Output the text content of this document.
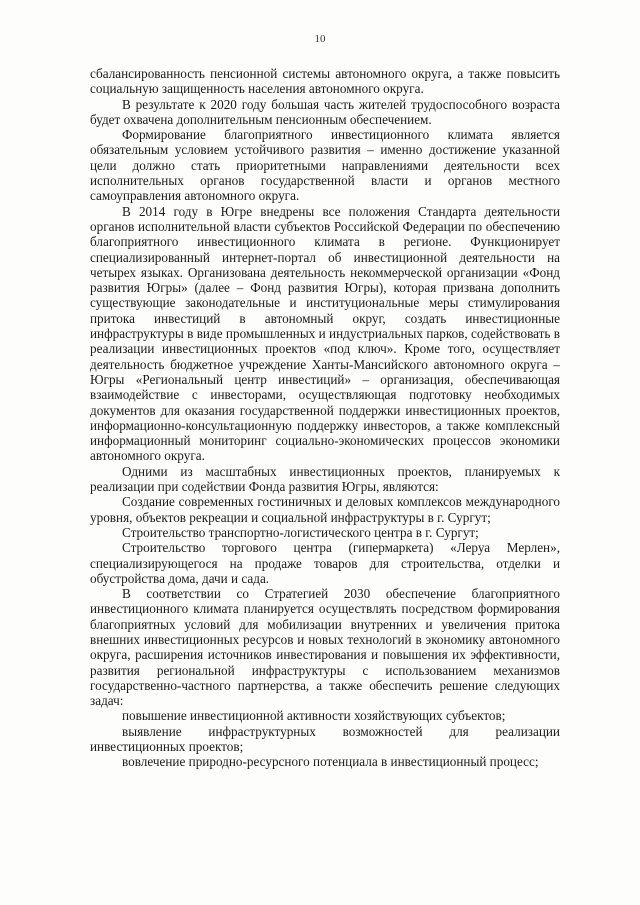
10

сбалансированность пенсионной системы автономного округа, а также повысить социальную защищенность населения автономного округа.

В результате к 2020 году большая часть жителей трудоспособного возраста будет охвачена дополнительным пенсионным обеспечением.

Формирование благоприятного инвестиционного климата является обязательным условием устойчивого развития – именно достижение указанной цели должно стать приоритетными направлениями деятельности всех исполнительных органов государственной власти и органов местного самоуправления автономного округа.

В 2014 году в Югре внедрены все положения Стандарта деятельности органов исполнительной власти субъектов Российской Федерации по обеспечению благоприятного инвестиционного климата в регионе. Функционирует специализированный интернет-портал об инвестиционной деятельности на четырех языках. Организована деятельность некоммерческой организации «Фонд развития Югры» (далее – Фонд развития Югры), которая призвана дополнить существующие законодательные и институциональные меры стимулирования притока инвестиций в автономный округ, создать инвестиционные инфраструктуры в виде промышленных и индустриальных парков, содействовать в реализации инвестиционных проектов «под ключ». Кроме того, осуществляет деятельность бюджетное учреждение Ханты-Мансийского автономного округа – Югры «Региональный центр инвестиций» – организация, обеспечивающая взаимодействие с инвесторами, осуществляющая подготовку необходимых документов для оказания государственной поддержки инвестиционных проектов, информационно-консультационную поддержку инвесторов, а также комплексный информационный мониторинг социально-экономических процессов экономики автономного округа.

Одними из масштабных инвестиционных проектов, планируемых к реализации при содействии Фонда развития Югры, являются:

Создание современных гостиничных и деловых комплексов международного уровня, объектов рекреации и социальной инфраструктуры в г. Сургут;

Строительство транспортно-логистического центра в г. Сургут;

Строительство торгового центра (гипермаркета) «Леруа Мерлен», специализирующегося на продаже товаров для строительства, отделки и обустройства дома, дачи и сада.

В соответствии со Стратегией 2030 обеспечение благоприятного инвестиционного климата планируется осуществлять посредством формирования благоприятных условий для мобилизации внутренних и увеличения притока внешних инвестиционных ресурсов и новых технологий в экономику автономного округа, расширения источников инвестирования и повышения их эффективности, развития региональной инфраструктуры с использованием механизмов государственно-частного партнерства, а также обеспечить решение следующих задач:

повышение инвестиционной активности хозяйствующих субъектов;

выявление инфраструктурных возможностей для реализации инвестиционных проектов;

вовлечение природно-ресурсного потенциала в инвестиционный процесс;
